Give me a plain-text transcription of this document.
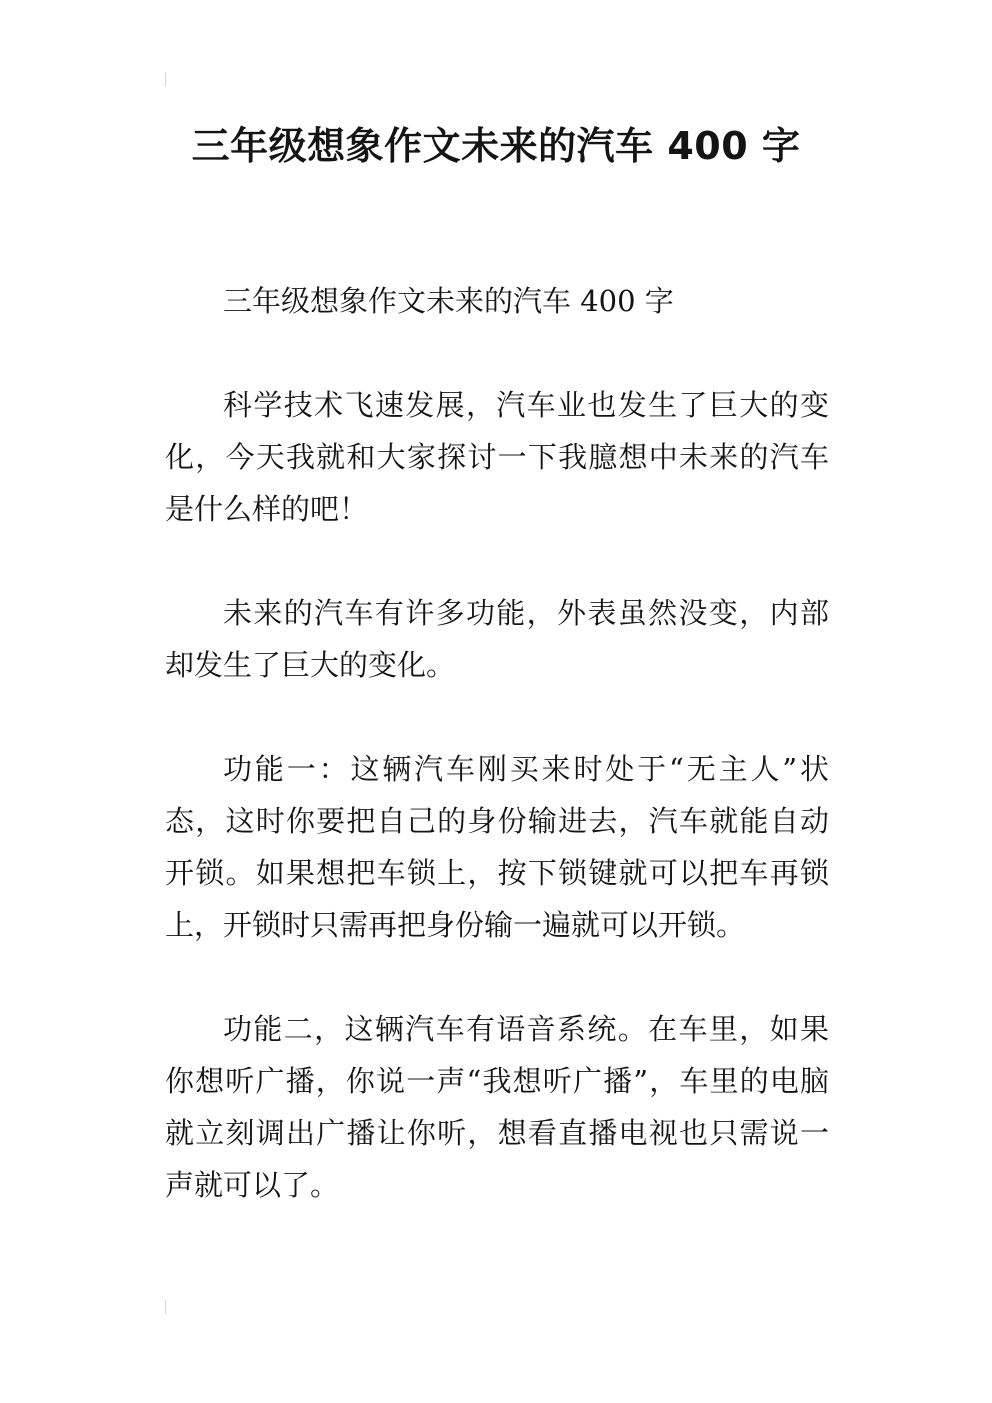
三年级想象作文未来的汽车 400 字

三年级想象作文未来的汽车 400 字

科学技术飞速发展，汽车业也发生了巨大的变化，今天我就和大家探讨一下我臆想中未来的汽车是什么样的吧！

未来的汽车有许多功能，外表虽然没变，内部却发生了巨大的变化。

功能一：这辆汽车刚买来时处于“无主人”状态，这时你要把自己的身份输进去，汽车就能自动开锁。如果想把车锁上，按下锁键就可以把车再锁上，开锁时只需再把身份输一遍就可以开锁。

功能二，这辆汽车有语音系统。在车里，如果你想听广播，你说一声“我想听广播”，车里的电脑就立刻调出广播让你听，想看直播电视也只需说一声就可以了。
